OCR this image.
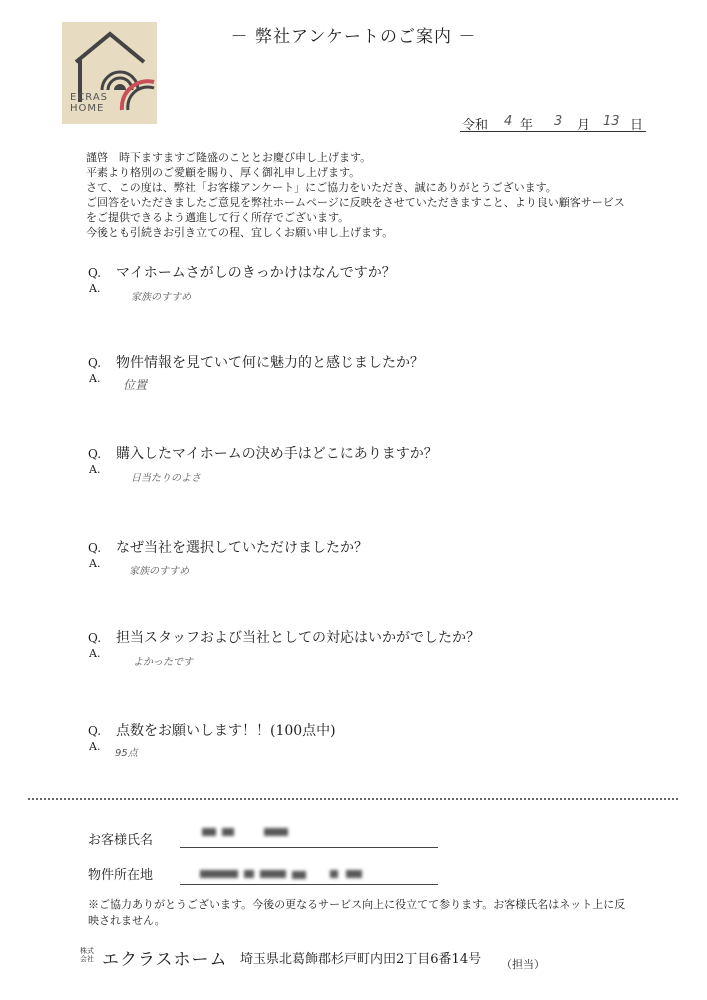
－ 弊社アンケートのご案内 －
ECRAS
HOME
令和 4 年 3 月 13 日
謹啓　時下ますますご隆盛のこととお慶び申し上げます。
平素より格別のご愛顧を賜り、厚く御礼申し上げます。
さて、この度は、弊社「お客様アンケート」にご協力をいただき、誠にありがとうございます。
ご回答をいただきましたご意見を弊社ホームページに反映をさせていただきますこと、より良い顧客サービス
をご提供できるよう邁進して行く所存でございます。
今後とも引続きお引き立ての程、宜しくお願い申し上げます。
Q. マイホームさがしのきっかけはなんですか？
A.
家族のすすめ
Q. 物件情報を見ていて何に魅力的と感じましたか？
A. 位置
Q. 購入したマイホームの決め手はどこにありますか？
A.
日当たりのよさ
Q. なぜ当社を選択していただけましたか？
A.
家族のすすめ
Q. 担当スタッフおよび当社としての対応はいかがでしたか？
A.
よかったです
Q. 点数をお願いします！！(100点中)
A.
95点
お客様氏名
物件所在地
※ご協力ありがとうございます。今後の更なるサービス向上に役立てて参ります。お客様氏名はネット上に反
映されません。
株式
会社 エクラスホーム 埼玉県北葛飾郡杉戸町内田2丁目6番14号 （担当）
